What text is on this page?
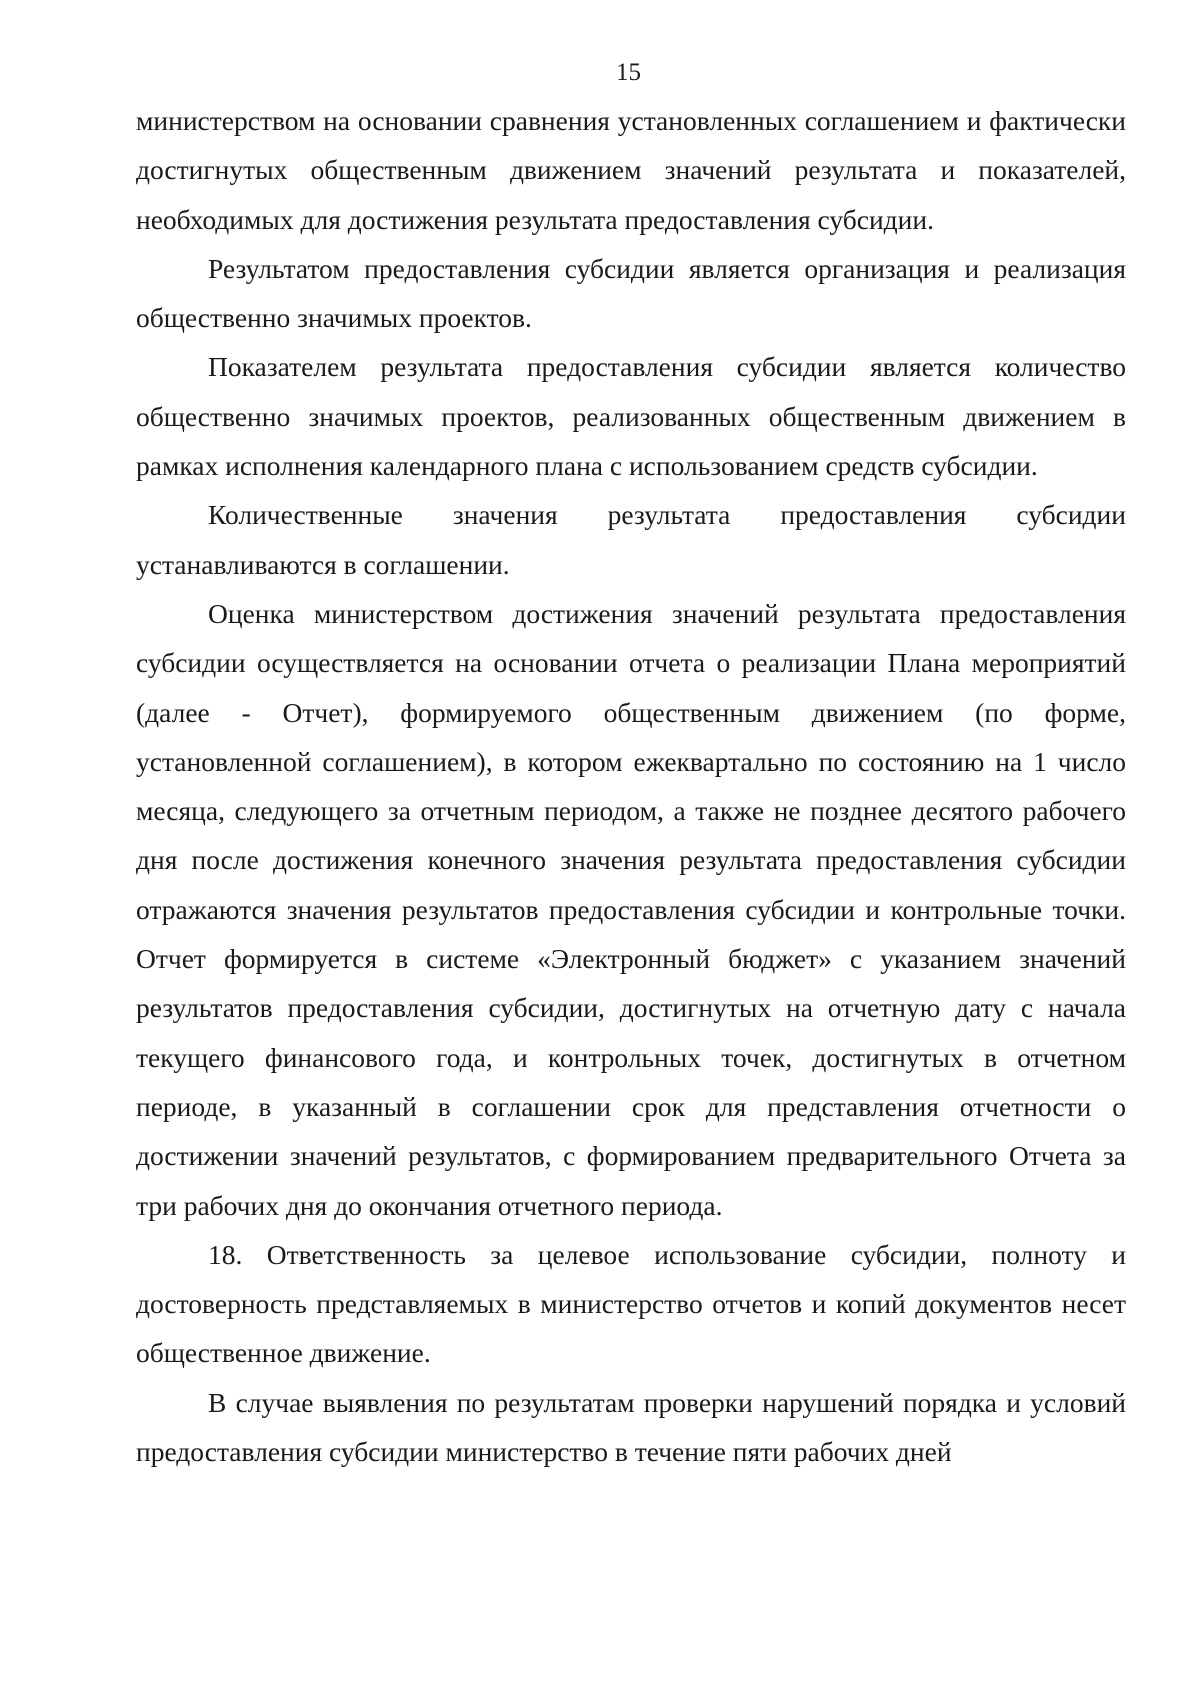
15

министерством на основании сравнения установленных соглашением и фактически достигнутых общественным движением значений результата и показателей, необходимых для достижения результата предоставления субсидии.

Результатом предоставления субсидии является организация и реализация общественно значимых проектов.

Показателем результата предоставления субсидии является количество общественно значимых проектов, реализованных общественным движением в рамках исполнения календарного плана с использованием средств субсидии.

Количественные значения результата предоставления субсидии устанавливаются в соглашении.

Оценка министерством достижения значений результата предоставления субсидии осуществляется на основании отчета о реализации Плана мероприятий (далее - Отчет), формируемого общественным движением (по форме, установленной соглашением), в котором ежеквартально по состоянию на 1 число месяца, следующего за отчетным периодом, а также не позднее десятого рабочего дня после достижения конечного значения результата предоставления субсидии отражаются значения результатов предоставления субсидии и контрольные точки. Отчет формируется в системе «Электронный бюджет» с указанием значений результатов предоставления субсидии, достигнутых на отчетную дату с начала текущего финансового года, и контрольных точек, достигнутых в отчетном периоде, в указанный в соглашении срок для представления отчетности о достижении значений результатов, с формированием предварительного Отчета за три рабочих дня до окончания отчетного периода.

18. Ответственность за целевое использование субсидии, полноту и достоверность представляемых в министерство отчетов и копий документов несет общественное движение.

В случае выявления по результатам проверки нарушений порядка и условий предоставления субсидии министерство в течение пяти рабочих дней
